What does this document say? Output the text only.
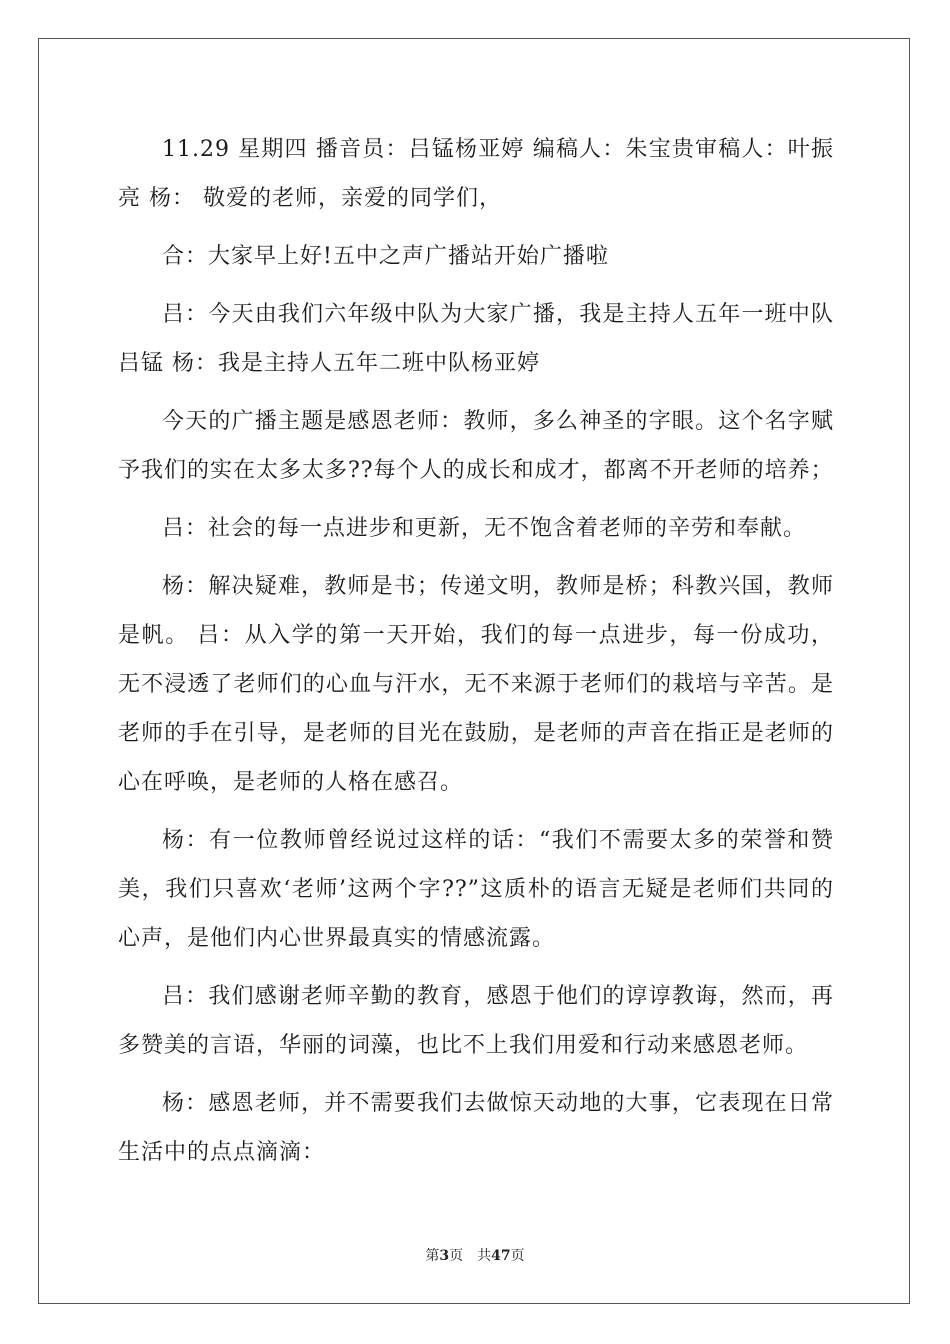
11.29 星期四 播音员：吕锰杨亚婷 编稿人：朱宝贵审稿人：叶振亮 杨： 敬爱的老师，亲爱的同学们，

合：大家早上好!五中之声广播站开始广播啦

吕：今天由我们六年级中队为大家广播，我是主持人五年一班中队吕锰 杨：我是主持人五年二班中队杨亚婷

今天的广播主题是感恩老师：教师，多么神圣的字眼。这个名字赋予我们的实在太多太多??每个人的成长和成才，都离不开老师的培养；

吕：社会的每一点进步和更新，无不饱含着老师的辛劳和奉献。

杨：解决疑难，教师是书；传递文明，教师是桥；科教兴国，教师是帆。 吕：从入学的第一天开始，我们的每一点进步，每一份成功，无不浸透了老师们的心血与汗水，无不来源于老师们的栽培与辛苦。是老师的手在引导，是老师的目光在鼓励，是老师的声音在指正是老师的心在呼唤，是老师的人格在感召。

杨：有一位教师曾经说过这样的话：“我们不需要太多的荣誉和赞美，我们只喜欢‘老师’这两个字??”这质朴的语言无疑是老师们共同的心声，是他们内心世界最真实的情感流露。

吕：我们感谢老师辛勤的教育，感恩于他们的谆谆教诲，然而，再多赞美的言语，华丽的词藻，也比不上我们用爱和行动来感恩老师。

杨：感恩老师，并不需要我们去做惊天动地的大事，它表现在日常生活中的点点滴滴：

第3页 共47页
